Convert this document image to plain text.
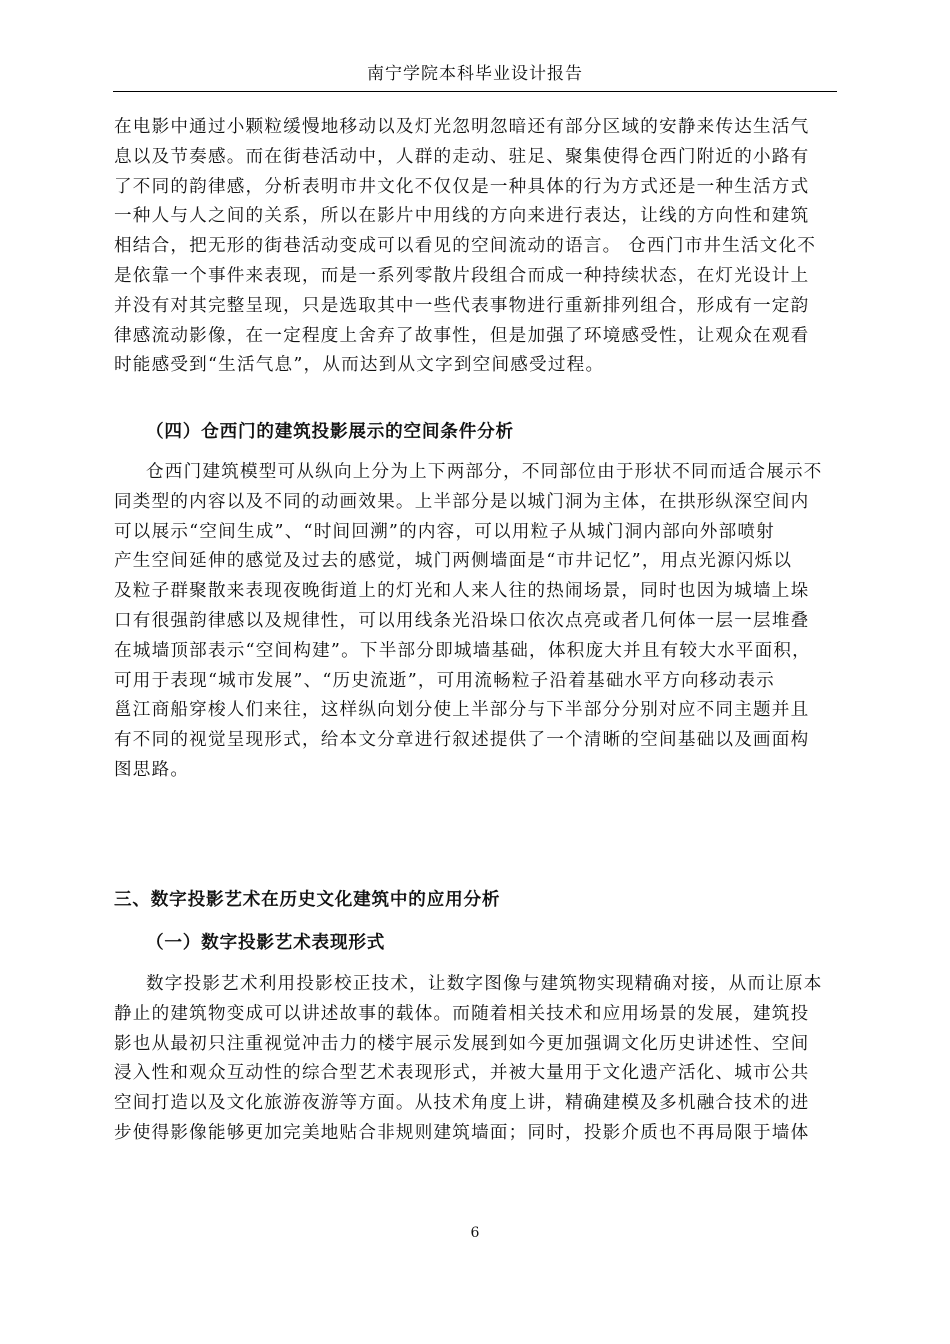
南宁学院本科毕业设计报告
在电影中通过小颗粒缓慢地移动以及灯光忽明忽暗还有部分区域的安静来传达生活气
息以及节奏感。而在街巷活动中，人群的走动、驻足、聚集使得仓西门附近的小路有
了不同的韵律感，分析表明市井文化不仅仅是一种具体的行为方式还是一种生活方式
一种人与人之间的关系，所以在影片中用线的方向来进行表达，让线的方向性和建筑
相结合，把无形的街巷活动变成可以看见的空间流动的语言。 仓西门市井生活文化不
是依靠一个事件来表现，而是一系列零散片段组合而成一种持续状态，在灯光设计上
并没有对其完整呈现，只是选取其中一些代表事物进行重新排列组合，形成有一定韵
律感流动影像，在一定程度上舍弃了故事性，但是加强了环境感受性，让观众在观看
时能感受到“生活气息”，从而达到从文字到空间感受过程。
（四）仓西门的建筑投影展示的空间条件分析
仓西门建筑模型可从纵向上分为上下两部分，不同部位由于形状不同而适合展示不
同类型的内容以及不同的动画效果。上半部分是以城门洞为主体，在拱形纵深空间内
可以展示“空间生成”、“时间回溯”的内容，可以用粒子从城门洞内部向外部喷射
产生空间延伸的感觉及过去的感觉，城门两侧墙面是“市井记忆”，用点光源闪烁以
及粒子群聚散来表现夜晚街道上的灯光和人来人往的热闹场景，同时也因为城墙上垛
口有很强韵律感以及规律性，可以用线条光沿垛口依次点亮或者几何体一层一层堆叠
在城墙顶部表示“空间构建”。下半部分即城墙基础，体积庞大并且有较大水平面积，
可用于表现“城市发展”、“历史流逝”，可用流畅粒子沿着基础水平方向移动表示
邕江商船穿梭人们来往，这样纵向划分使上半部分与下半部分分别对应不同主题并且
有不同的视觉呈现形式，给本文分章进行叙述提供了一个清晰的空间基础以及画面构
图思路。
三、数字投影艺术在历史文化建筑中的应用分析
（一）数字投影艺术表现形式
数字投影艺术利用投影校正技术，让数字图像与建筑物实现精确对接，从而让原本
静止的建筑物变成可以讲述故事的载体。而随着相关技术和应用场景的发展，建筑投
影也从最初只注重视觉冲击力的楼宇展示发展到如今更加强调文化历史讲述性、空间
浸入性和观众互动性的综合型艺术表现形式，并被大量用于文化遗产活化、城市公共
空间打造以及文化旅游夜游等方面。从技术角度上讲，精确建模及多机融合技术的进
步使得影像能够更加完美地贴合非规则建筑墙面；同时，投影介质也不再局限于墙体
6
